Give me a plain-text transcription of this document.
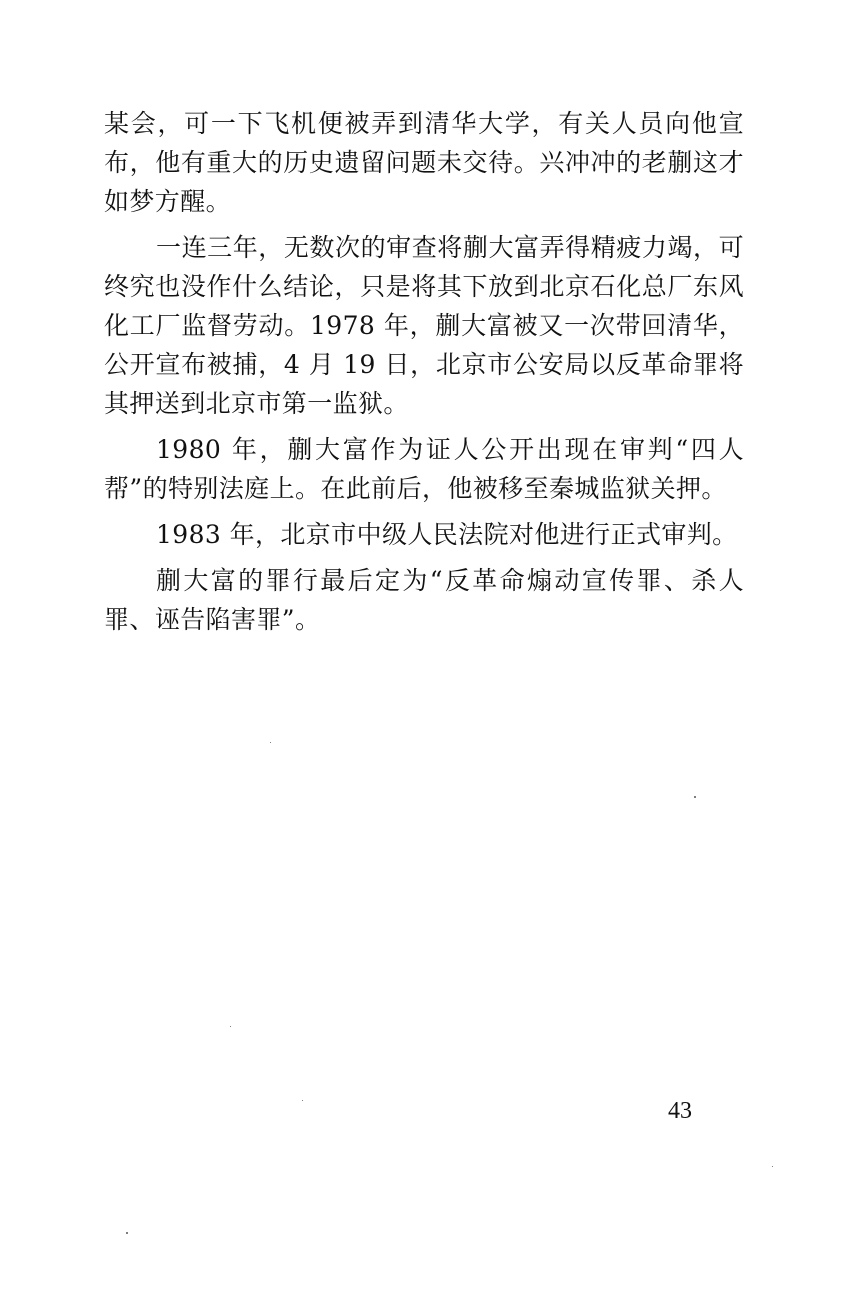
某会，可一下飞机便被弄到清华大学，有关人员向他宣布，他有重大的历史遗留问题未交待。兴冲冲的老蒯这才如梦方醒。

一连三年，无数次的审查将蒯大富弄得精疲力竭，可终究也没作什么结论，只是将其下放到北京石化总厂东风化工厂监督劳动。1978 年，蒯大富被又一次带回清华，公开宣布被捕，4 月 19 日，北京市公安局以反革命罪将其押送到北京市第一监狱。

1980 年，蒯大富作为证人公开出现在审判“四人帮”的特别法庭上。在此前后，他被移至秦城监狱关押。

1983 年，北京市中级人民法院对他进行正式审判。

蒯大富的罪行最后定为“反革命煽动宣传罪、杀人罪、诬告陷害罪”。

43
